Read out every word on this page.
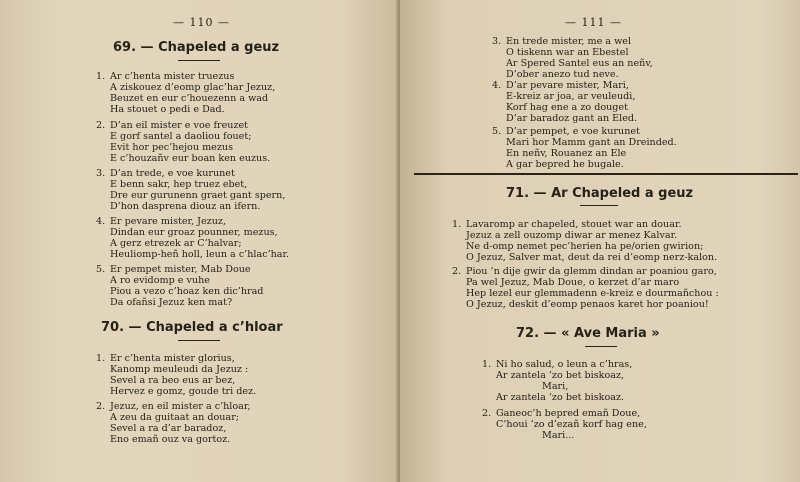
— 110 —
69. — Chapeled a geuz
1. Ar c’henta mister truezus
A ziskouez d’eomp glac’har Jezuz,
Beuzet en eur c’houezenn a wad
Ha stouet o pedi e Dad.
2. D’an eil mister e voe freuzet
E gorf santel a daoliou fouet;
Evit hor pec’hejou mezus
E c’houzañv eur boan ken euzus.
3. D’an trede, e voe kurunet
E benn sakr, hep truez ebet,
Dre eur gurunenn graet gant spern,
D’hon dasprena diouz an ifern.
4. Er pevare mister, Jezuz,
Dindan eur groaz pounner, mezus,
A gerz etrezek ar C’halvar;
Heuliomp-heñ holl, leun a c’hlac’har.
5. Er pempet mister, Mab Doue
A ro evidomp e vuhe
Piou a vezo c’hoaz ken dic’hrad
Da ofañsi Jezuz ken mat?
70. — Chapeled a c’hloar
1. Er c’henta mister glorius,
Kanomp meuleudi da Jezuz :
Sevel a ra beo eus ar bez,
Hervez e gomz, goude tri dez.
2. Jezuz, en eil mister a c’hloar,
A zeu da guitaat an douar;
Sevel a ra d’ar baradoz,
Eno emañ ouz va gortoz.
— 111 —
3. En trede mister, me a wel
O tiskenn war an Ebestel
Ar Spered Santel eus an neñv,
D’ober anezo tud neve.
4. D’ar pevare mister, Mari,
E-kreiz ar joa, ar veuleudi,
Korf hag ene a zo douget
D’ar baradoz gant an Eled.
5. D’ar pempet, e voe kurunet
Mari hor Mamm gant an Dreinded.
En neñv, Rouanez an Ele
A gar bepred he bugale.
71. — Ar Chapeled a geuz
1. Lavaromp ar chapeled, stouet war an douar.
Jezuz a zell ouzomp diwar ar menez Kalvar.
Ne d-omp nemet pec’herien ha pe/orien gwirion;
O Jezuz, Salver mat, deut da rei d’eomp nerz-kalon.
2. Piou ’n dije gwir da glemm dindan ar poaniou garo,
Pa wel Jezuz, Mab Doue, o kerzet d’ar maro
Hep lezel eur glemmadenn e-kreiz e dourmañchou :
O Jezuz, deskit d’eomp penaos karet hor poaniou!
72. — « Ave Maria »
1. Ni ho salud, o leun a c’hras,
Ar zantela ’zo bet biskoaz,
Mari,
Ar zantela ’zo bet biskoaz.
2. Ganeoc’h bepred emañ Doue,
C’houi ’zo d’ezañ korf hag ene,
Mari...
